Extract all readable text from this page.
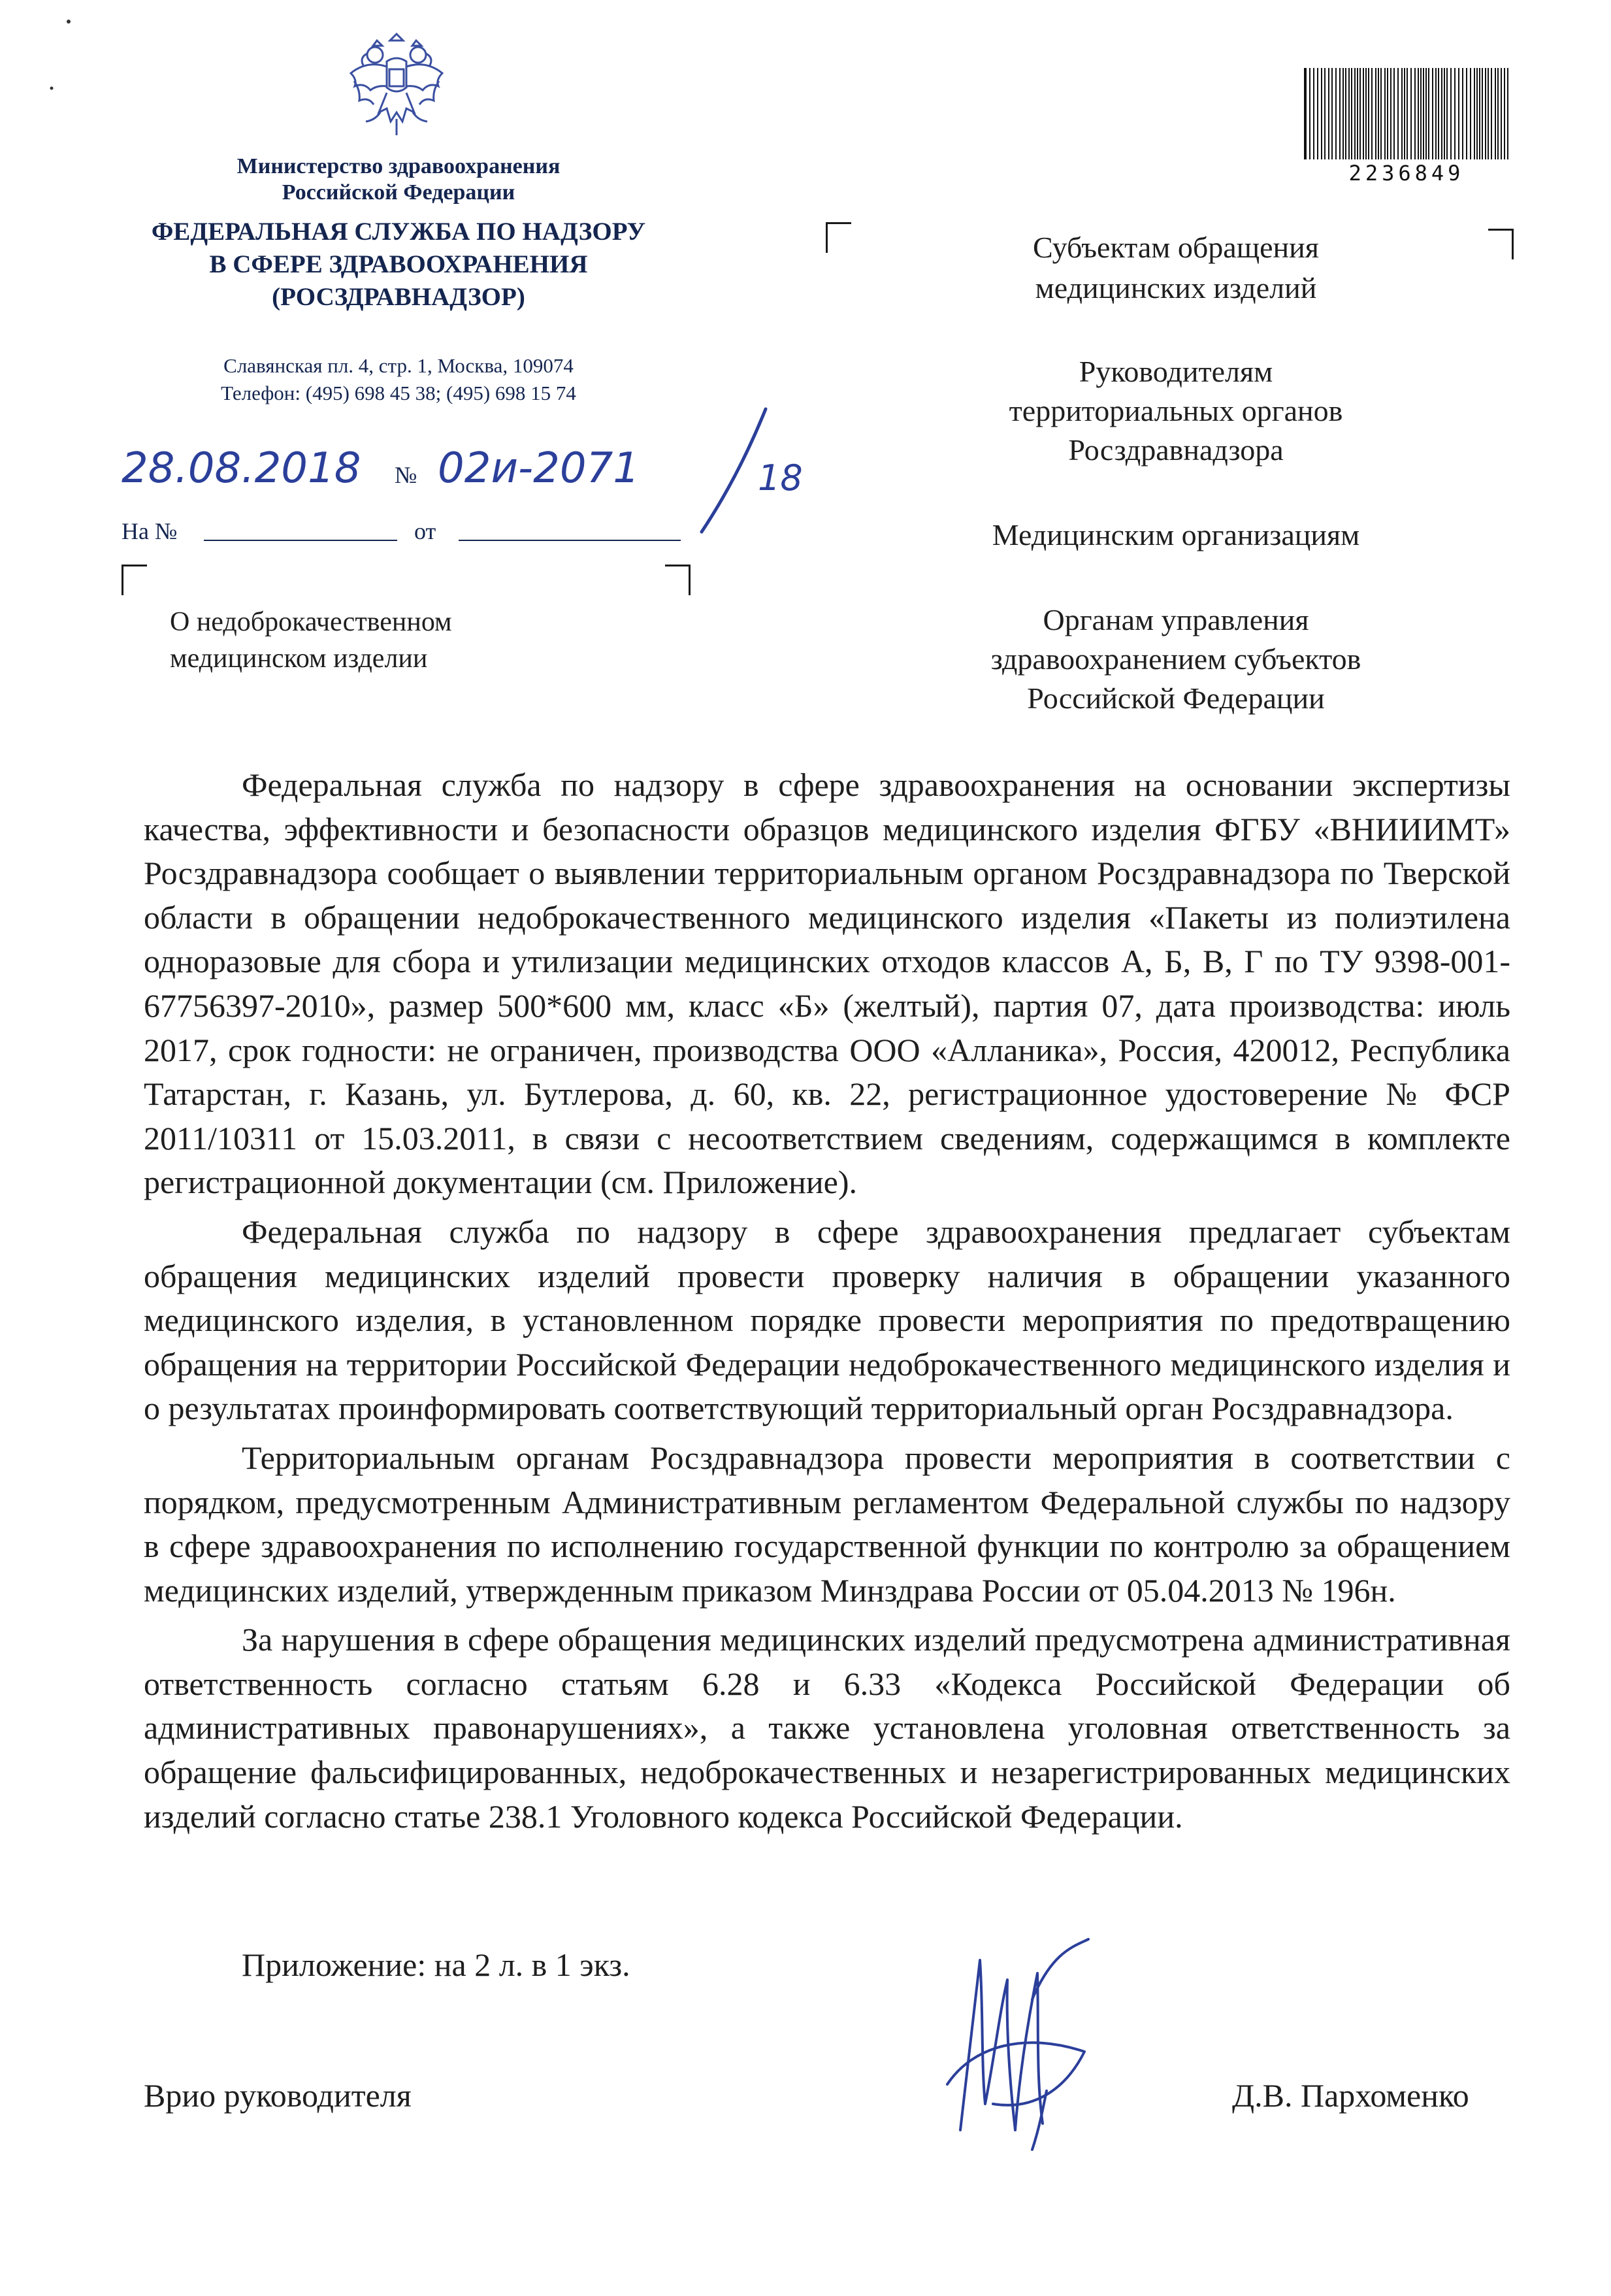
Министерство здравоохранения
Российской Федерации
ФЕДЕРАЛЬНАЯ СЛУЖБА ПО НАДЗОРУ
В СФЕРЕ ЗДРАВООХРАНЕНИЯ
(РОСЗДРАВНАДЗОР)
Славянская пл. 4, стр. 1, Москва, 109074
Телефон: (495) 698 45 38; (495) 698 15 74
28.08.2018 № 02и-2071	18
На №	от
О недоброкачественном
медицинском изделии
2236849
Субъектам обращения
медицинских изделий
Руководителям
территориальных органов
Росздравнадзора
Медицинским организациям
Органам управления
здравоохранением субъектов
Российской Федерации

Федеральная служба по надзору в сфере здравоохранения на основании экспертизы качества, эффективности и безопасности образцов медицинского изделия ФГБУ «ВНИИИМТ» Росздравнадзора сообщает о выявлении территориальным органом Росздравнадзора по Тверской области в обращении недоброкачественного медицинского изделия «Пакеты из полиэтилена одноразовые для сбора и утилизации медицинских отходов классов А, Б, В, Г по ТУ 9398-001-67756397-2010», размер 500*600 мм, класс «Б» (желтый), партия 07, дата производства: июль 2017, срок годности: не ограничен, производства ООО «Алланика», Россия, 420012, Республика Татарстан, г. Казань, ул. Бутлерова, д. 60, кв. 22, регистрационное удостоверение № ФСР 2011/10311 от 15.03.2011, в связи с несоответствием сведениям, содержащимся в комплекте регистрационной документации (см. Приложение).

Федеральная служба по надзору в сфере здравоохранения предлагает субъектам обращения медицинских изделий провести проверку наличия в обращении указанного медицинского изделия, в установленном порядке провести мероприятия по предотвращению обращения на территории Российской Федерации недоброкачественного медицинского изделия и о результатах проинформировать соответствующий территориальный орган Росздравнадзора.

Территориальным органам Росздравнадзора провести мероприятия в соответствии с порядком, предусмотренным Административным регламентом Федеральной службы по надзору в сфере здравоохранения по исполнению государственной функции по контролю за обращением медицинских изделий, утвержденным приказом Минздрава России от 05.04.2013 № 196н.

За нарушения в сфере обращения медицинских изделий предусмотрена административная ответственность согласно статьям 6.28 и 6.33 «Кодекса Российской Федерации об административных правонарушениях», а также установлена уголовная ответственность за обращение фальсифицированных, недоброкачественных и незарегистрированных медицинских изделий согласно статье 238.1 Уголовного кодекса Российской Федерации.

Приложение: на 2 л. в 1 экз.
Врио руководителя	Д.В. Пархоменко
